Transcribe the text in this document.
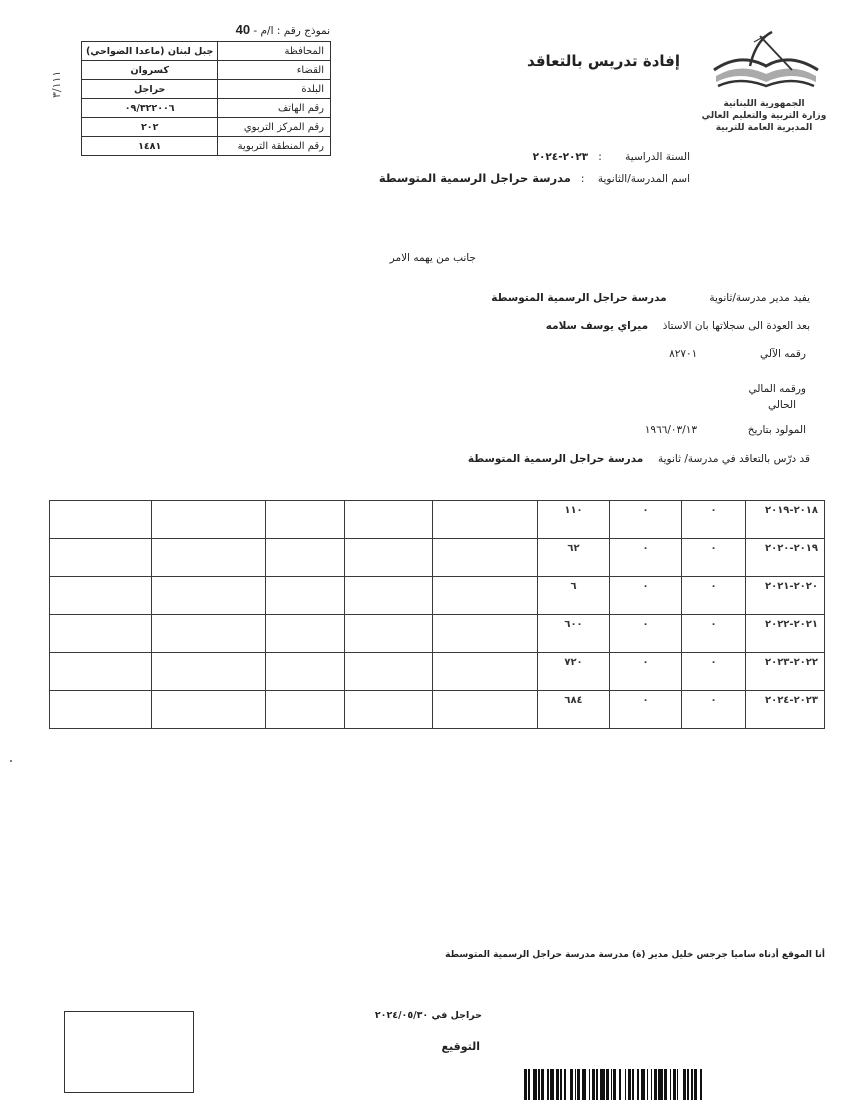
نموذج رقم : ا/م - 40
المحافظة	جبل لبنان (ماعدا الضواحي)
القضاء	كسروان
البلدة	حراجل
رقم الهاتف	٠٩/٣٢٢٠٠٦
رقم المركز التربوي	٢٠٢
رقم المنطقة التربوية	١٤٨١
٣/١١١
إفادة تدريس بالتعاقد
الجمهورية اللبنانية
وزارة التربية والتعليم العالي
المديرية العامة للتربية
السنة الدراسية       :   ٢٠٢٣-٢٠٢٤
اسم المدرسة/الثانوية    :   مدرسة حراجل الرسمية المتوسطة
جانب من يهمه الامر
يفيد مدير مدرسة/ثانوية  مدرسة حراجل الرسمية المتوسطة
بعد العودة الى سجلاتها بان الاستاذ  ميراي يوسف سلامه
رقمه الآلي  ٨٢٧٠١
ورقمه المالي
الحالي
المولود بتاريخ  ١٩٦٦/٠٣/١٣
قد درّس بالتعاقد في مدرسة/ ثانوية  مدرسة حراجل الرسمية المتوسطة
٢٠١٨-٢٠١٩	٠	٠	١١٠					

٢٠١٩-٢٠٢٠	٠	٠	٦٢					

٢٠٢٠-٢٠٢١	٠	٠	٦					

٢٠٢١-٢٠٢٢	٠	٠	٦٠٠					

٢٠٢٢-٢٠٢٣	٠	٠	٧٢٠					

٢٠٢٣-٢٠٢٤	٠	٠	٦٨٤					

أنا الموقع أدناه ساميا جرجس خليل مدير (ة) مدرسة مدرسة حراجل الرسمية المتوسطة
حراجل في ٢٠٢٤/٠٥/٣٠
التوقيع
